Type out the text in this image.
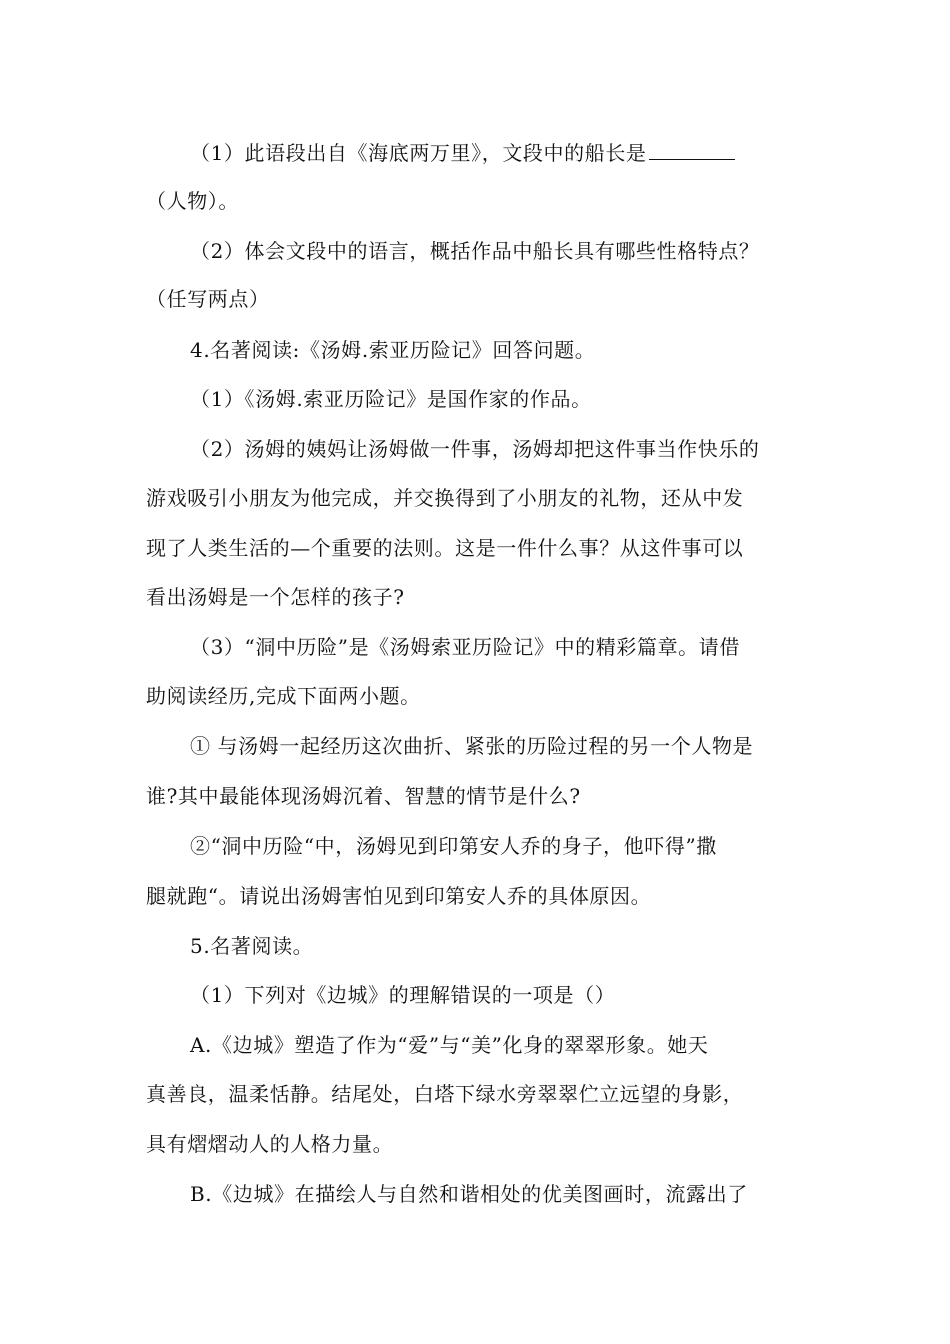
（1）此语段出自《海底两万里》，文段中的船长是
（人物）。
（2）体会文段中的语言，概括作品中船长具有哪些性格特点？
（任写两点）
4.名著阅读:《汤姆.索亚历险记》回答问题。
（1）《汤姆.索亚历险记》是国作家的作品。
（2）汤姆的姨妈让汤姆做一件事，汤姆却把这件事当作快乐的
游戏吸引小朋友为他完成，并交换得到了小朋友的礼物，还从中发
现了人类生活的—个重要的法则。这是一件什么事？从这件事可以
看出汤姆是一个怎样的孩子?
（3）“洞中历险”是《汤姆索亚历险记》中的精彩篇章。请借
助阅读经历,完成下面两小题。
① 与汤姆一起经历这次曲折、紧张的历险过程的另一个人物是
谁?其中最能体现汤姆沉着、智慧的情节是什么?
②“洞中历险“中，汤姆见到印第安人乔的身子，他吓得”撒
腿就跑“。请说出汤姆害怕见到印第安人乔的具体原因。
5.名著阅读。
（1）下列对《边城》的理解错误的一项是（）
A.《边城》塑造了作为“爱”与“美”化身的翠翠形象。她天
真善良，温柔恬静。结尾处，白塔下绿水旁翠翠伫立远望的身影，
具有熠熠动人的人格力量。
B.《边城》在描绘人与自然和谐相处的优美图画时，流露出了
